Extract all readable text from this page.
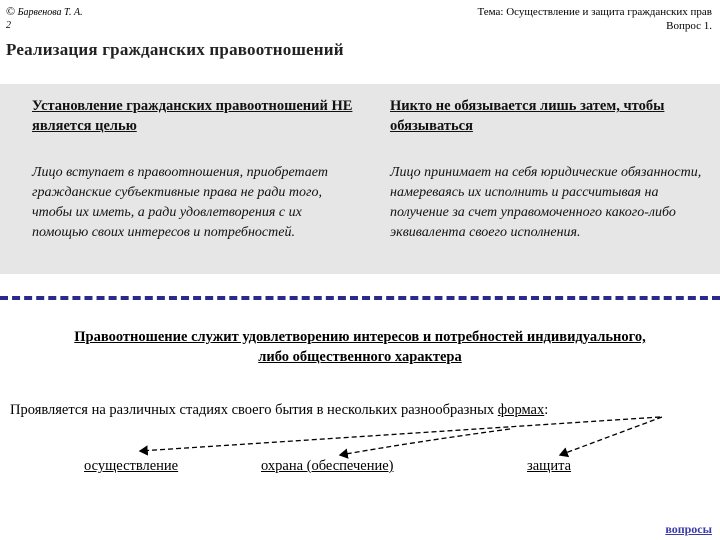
© Барвенова Т. А.
2
Тема: Осуществление и защита гражданских прав
Вопрос 1.
Реализация гражданских правоотношений
Установление гражданских правоотношений НЕ является целью
Лицо вступает в правоотношения, приобретает гражданские субъективные права не ради того, чтобы их иметь, а ради удовлетворения с их помощью своих интересов и потребностей.
Никто не обязывается лишь затем, чтобы обязываться
Лицо принимает на себя юридические обязанности, намереваясь их исполнить и рассчитывая на получение за счет управомоченного какого-либо эквивалента своего исполнения.
Правоотношение служит удовлетворению интересов и потребностей индивидуального, либо общественного характера
Проявляется на различных стадиях своего бытия в нескольких разнообразных формах:
осуществление	охрана (обеспечение)	защита
вопросы
